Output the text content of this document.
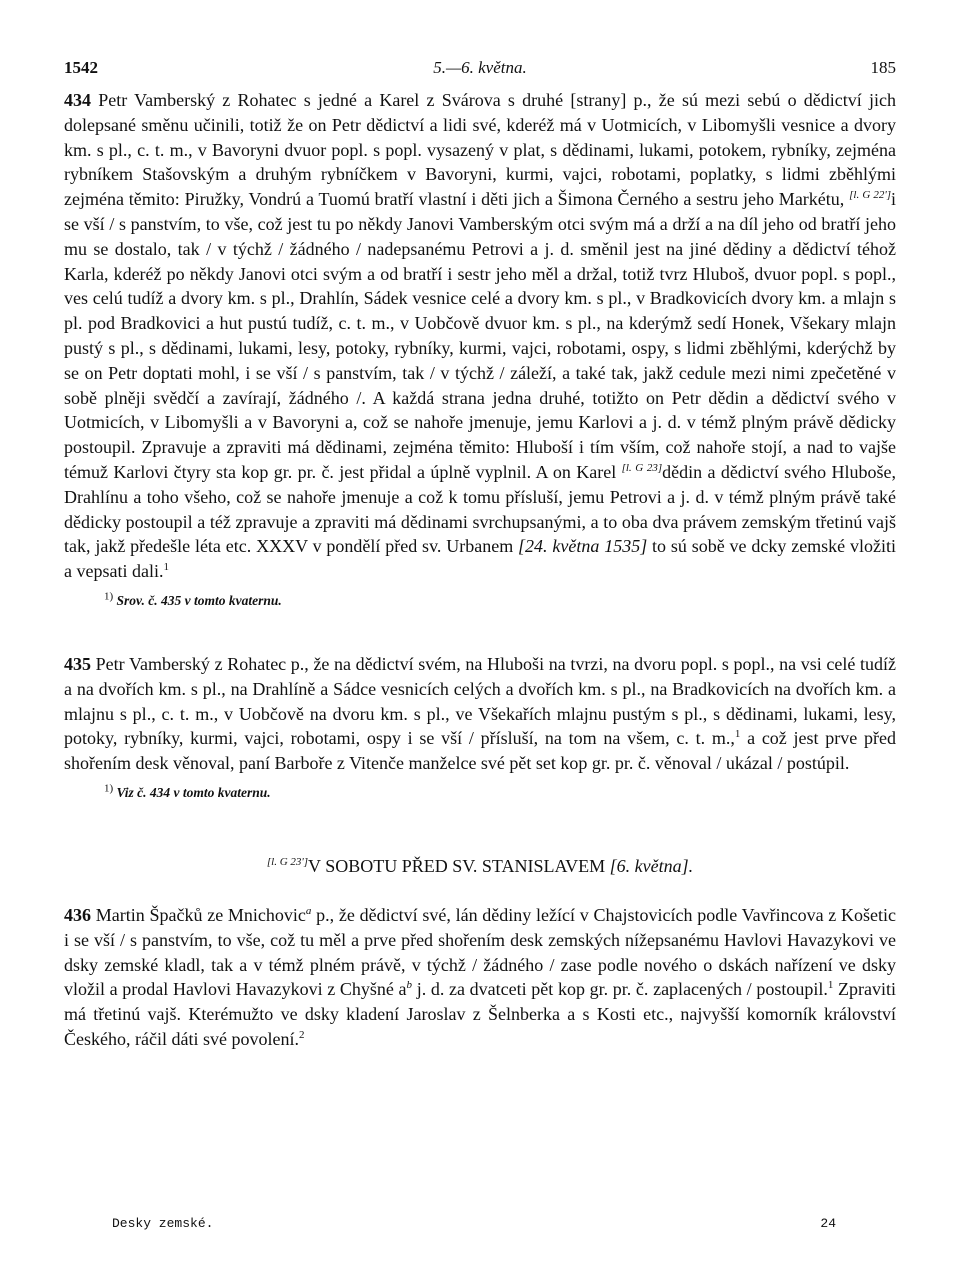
1542	5.—6. května.	185

434 Petr Vamberský z Rohatec s jedné a Karel z Svárova s druhé [strany] p., že sú mezi sebú o dědictví jich dolepsané směnu učinili, totiž že on Petr dědictví a lidi své, kderéž má v Uotmicích, v Libomyšli vesnice a dvory km. s pl., c. t. m., v Bavoryni dvuor popl. s popl. vysazený v plat, s dědinami, lukami, potokem, rybníky, zejména rybníkem Stašovským a druhým rybníčkem v Bavoryni, kurmi, vajci, robotami, poplatky, s lidmi zběhlými zejména těmito: Piružky, Vondrú a Tuomú bratří vlastní i děti jich a Šimona Černého a sestru jeho Markétu, [l. G 22']i se vší / s panstvím, to vše, což jest tu po někdy Janovi Vamberským otci svým má a drží a na díl jeho od bratří jeho mu se dostalo, tak / v týchž / žádného / nadepsanému Petrovi a j. d. směnil jest na jiné dědiny a dědictví téhož Karla, kderéž po někdy Janovi otci svým a od bratří i sestr jeho měl a držal, totiž tvrz Hluboš, dvuor popl. s popl., ves celú tudíž a dvory km. s pl., Drahlín, Sádek vesnice celé a dvory km. s pl., v Bradkovicích dvory km. a mlajn s pl. pod Bradkovici a hut pustú tudíž, c. t. m., v Uobčově dvuor km. s pl., na kderýmž sedí Honek, Všekary mlajn pustý s pl., s dědinami, lukami, lesy, potoky, rybníky, kurmi, vajci, robotami, ospy, s lidmi zběhlými, kderýchž by se on Petr doptati mohl, i se vší / s panstvím, tak / v týchž / záleží, a také tak, jakž cedule mezi nimi zpečetěné v sobě plněji svědčí a zavírají, žádného /. A každá strana jedna druhé, totižto on Petr dědin a dědictví svého v Uotmicích, v Libomyšli a v Bavoryni a, což se nahoře jmenuje, jemu Karlovi a j. d. v témž plným právě dědicky postoupil. Zpravuje a zpraviti má dědinami, zejména těmito: Hluboší i tím vším, což nahoře stojí, a nad to vajše témuž Karlovi čtyry sta kop gr. pr. č. jest přidal a úplně vyplnil. A on Karel [l. G 23]dědin a dědictví svého Hluboše, Drahlínu a toho všeho, což se nahoře jmenuje a což k tomu přísluší, jemu Petrovi a j. d. v témž plným právě také dědicky postoupil a též zpravuje a zpraviti má dědinami svrchupsanými, a to oba dva právem zemským třetinú vajš tak, jakž předešle léta etc. XXXV v pondělí před sv. Urbanem [24. května 1535] to sú sobě ve dcky zemské vložiti a vepsati dali.$^1$

$^{1)}$ Srov. č. 435 v tomto kvaternu.

435 Petr Vamberský z Rohatec p., že na dědictví svém, na Hluboši na tvrzi, na dvoru popl. s popl., na vsi celé tudíž a na dvořích km. s pl., na Drahlíně a Sádce vesnicích celých a dvořích km. s pl., na Bradkovicích na dvořích km. a mlajnu s pl., c. t. m., v Uobčově na dvoru km. s pl., ve Všekařích mlajnu pustým s pl., s dědinami, lukami, lesy, potoky, rybníky, kurmi, vajci, robotami, ospy i se vší / přísluší, na tom na všem, c. t. m.,$^1$ a což jest prve před shořením desk věnoval, paní Barboře z Vitenče manželce své pět set kop gr. pr. č. věnoval / ukázal / postúpil.

$^{1)}$ Viz č. 434 v tomto kvaternu.
[l. G 23']V SOBOTU PŘED SV. STANISLAVEM [6. května].

436 Martin Špačků ze Mnichovic$^a$ p., že dědictví své, lán dědiny ležící v Chajstovicích podle Vavřincova z Košetic i se vší / s panstvím, to vše, což tu měl a prve před shořením desk zemských nížepsanému Havlovi Havazykovi ve dsky zemské kladl, tak a v témž plném právě, v týchž / žádného / zase podle nového o dskách nařízení ve dsky vložil a prodal Havlovi Havazykovi z Chyšné $a^b$ j. d. za dvatceti pět kop gr. pr. č. zaplacených / postoupil.$^1$ Zpraviti má třetinú vajš. Kterémužto ve dsky kladení Jaroslav z Šelnberka a s Kosti etc., najvyšší komorník království Českého, ráčil dáti své povolení.$^2$

Desky zemské.	24
